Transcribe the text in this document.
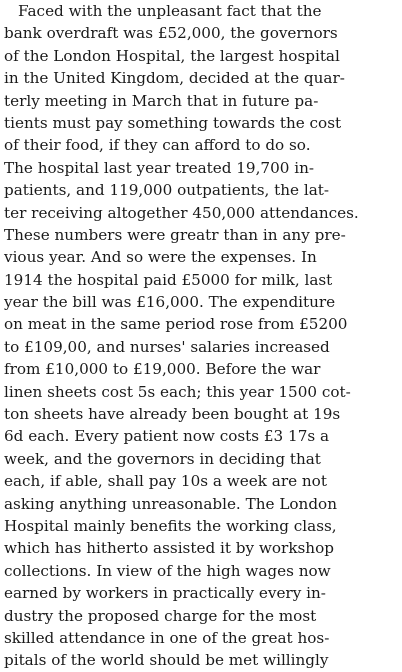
Faced with the unpleasant fact that the
bank overdraft was £52,000, the governors
of the London Hospital, the largest hospital
in the United Kingdom, decided at the quar-
terly meeting in March that in future pa-
tients must pay something towards the cost
of their food, if they can afford to do so.
The hospital last year treated 19,700 in-
patients, and 119,000 outpatients, the lat-
ter receiving altogether 450,000 attendances.
These numbers were greatr than in any pre-
vious year. And so were the expenses. In
1914 the hospital paid £5000 for milk, last
year the bill was £16,000. The expenditure
on meat in the same period rose from £5200
to £109,00, and nurses' salaries increased
from £10,000 to £19,000. Before the war
linen sheets cost 5s each; this year 1500 cot-
ton sheets have already been bought at 19s
6d each. Every patient now costs £3 17s a
week, and the governors in deciding that
each, if able, shall pay 10s a week are not
asking anything unreasonable. The London
Hospital mainly benefits the working class,
which has hitherto assisted it by workshop
collections. In view of the high wages now
earned by workers in practically every in-
dustry the proposed charge for the most
skilled attendance in one of the great hos-
pitals of the world should be met willingly
